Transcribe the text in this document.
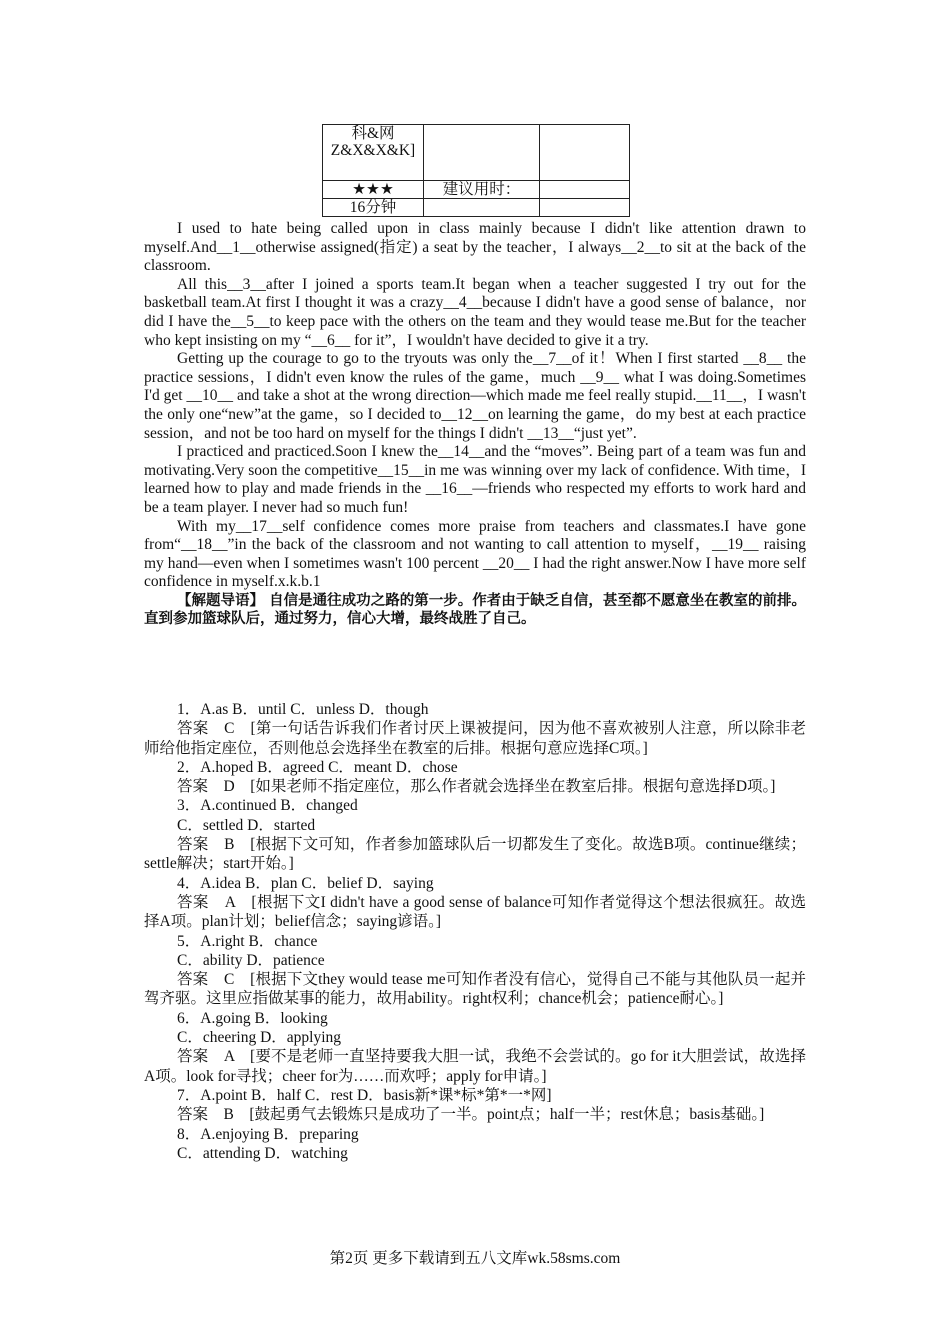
科&网Z&X&X&K]		
★★★	建议用时：	
16分钟		

I used to hate being called upon in class mainly because I didn't like attention drawn to myself.And__1__otherwise assigned(指定) a seat by the teacher，I always__2__to sit at the back of the classroom.

All this__3__after I joined a sports team.It began when a teacher suggested I try out for the basketball team.At first I thought it was a crazy__4__because I didn't have a good sense of balance，nor did I have the__5__to keep pace with the others on the team and they would tease me.But for the teacher who kept insisting on my “__6__ for it”，I wouldn't have decided to give it a try.

Getting up the courage to go to the tryouts was only the__7__of it！When I first started __8__ the practice sessions，I didn't even know the rules of the game，much __9__ what I was doing.Sometimes I'd get __10__ and take a shot at the wrong direction—which made me feel really stupid.__11__，I wasn't the only one“new”at the game，so I decided to__12__on learning the game，do my best at each practice session，and not be too hard on myself for the things I didn't __13__“just yet”.

I practiced and practiced.Soon I knew the__14__and the “moves”. Being part of a team was fun and motivating.Very soon the competitive__15__in me was winning over my lack of confidence. With time，I learned how to play and made friends in the __16__—friends who respected my efforts to work hard and be a team player. I never had so much fun!

With my__17__self confidence comes more praise from teachers and classmates.I have gone from“__18__”in the back of the classroom and not wanting to call attention to myself，__19__ raising my hand—even when I sometimes wasn't 100 percent __20__ I had the right answer.Now I have more self confidence in myself.x.k.b.1

【解题导语】 自信是通往成功之路的第一步。作者由于缺乏自信，甚至都不愿意坐在教室的前排。直到参加篮球队后，通过努力，信心大增，最终战胜了自己。

1．A.as B．until C．unless D．though

答案　C　[第一句话告诉我们作者讨厌上课被提问，因为他不喜欢被别人注意，所以除非老师给他指定座位，否则他总会选择坐在教室的后排。根据句意应选择C项。]

2．A.hoped B．agreed C．meant D．chose

答案　D　[如果老师不指定座位，那么作者就会选择坐在教室后排。根据句意选择D项。]

3．A.continued B．changed

C．settled D．started

答案　B　[根据下文可知，作者参加篮球队后一切都发生了变化。故选B项。continue继续；settle解决；start开始。]

4．A.idea B．plan C．belief D．saying

答案　A　[根据下文I didn't have a good sense of balance可知作者觉得这个想法很疯狂。故选择A项。plan计划；belief信念；saying谚语。]

5．A.right B．chance

C．ability D．patience

答案　C　[根据下文they would tease me可知作者没有信心，觉得自己不能与其他队员一起并驾齐驱。这里应指做某事的能力，故用ability。right权利；chance机会；patience耐心。]

6．A.going B．looking

C．cheering D．applying

答案　A　[要不是老师一直坚持要我大胆一试，我绝不会尝试的。go for it大胆尝试，故选择A项。look for寻找；cheer for为……而欢呼；apply for申请。]

7．A.point B．half C．rest D．basis新*课*标*第*一*网]

答案　B　[鼓起勇气去锻炼只是成功了一半。point点；half一半；rest休息；basis基础。]

8．A.enjoying B．preparing

C．attending D．watching

第2页 更多下载请到五八文库wk.58sms.com
